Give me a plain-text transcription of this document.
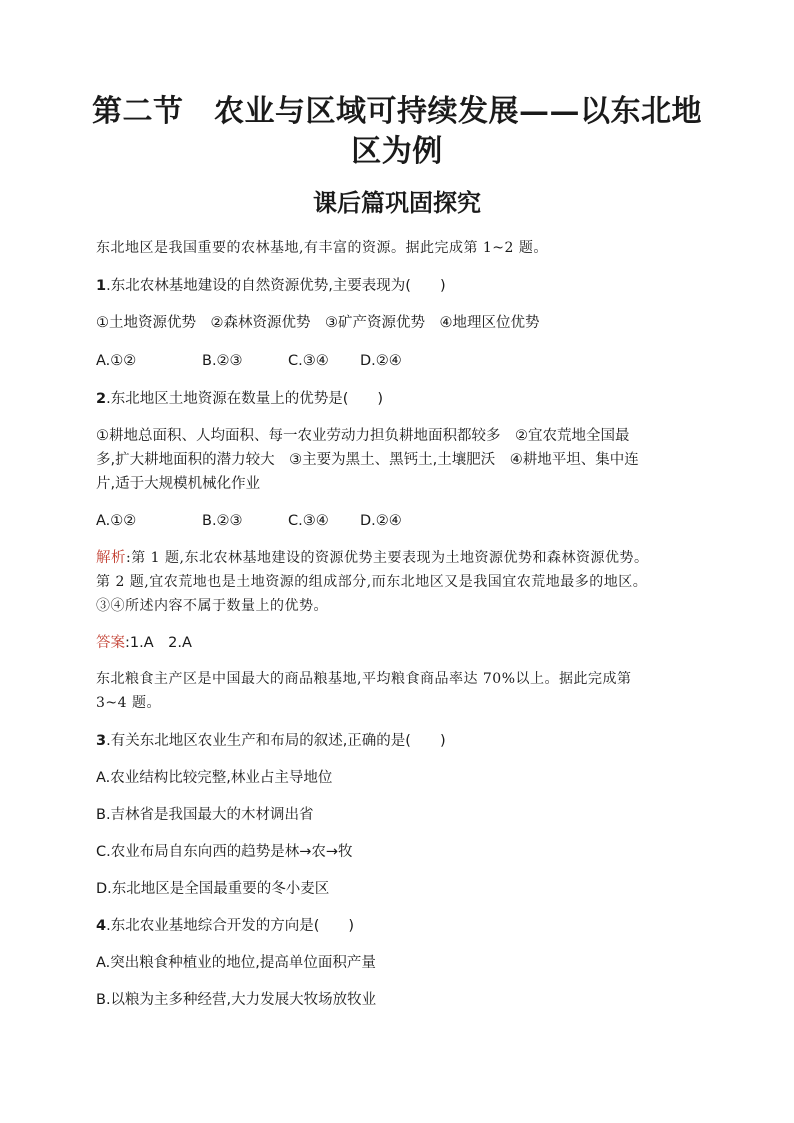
第二节　农业与区域可持续发展——以东北地
区为例
课后篇巩固探究
东北地区是我国重要的农林基地,有丰富的资源。据此完成第 1~2 题。
1.东北农林基地建设的自然资源优势,主要表现为(　　)
①土地资源优势　②森林资源优势　③矿产资源优势　④地理区位优势
A.①②	B.②③	C.③④ D.②④
2.东北地区土地资源在数量上的优势是(　　)
①耕地总面积、人均面积、每一农业劳动力担负耕地面积都较多　②宜农荒地全国最
多,扩大耕地面积的潜力较大　③主要为黑土、黑钙土,土壤肥沃　④耕地平坦、集中连
片,适于大规模机械化作业
A.①②	B.②③	C.③④ D.②④
解析:第 1 题,东北农林基地建设的资源优势主要表现为土地资源优势和森林资源优势。
第 2 题,宜农荒地也是土地资源的组成部分,而东北地区又是我国宜农荒地最多的地区。
③④所述内容不属于数量上的优势。
答案:1.A　2.A
东北粮食主产区是中国最大的商品粮基地,平均粮食商品率达 70%以上。据此完成第
3~4 题。
3.有关东北地区农业生产和布局的叙述,正确的是(　　)
A.农业结构比较完整,林业占主导地位
B.吉林省是我国最大的木材调出省
C.农业布局自东向西的趋势是林→农→牧
D.东北地区是全国最重要的冬小麦区
4.东北农业基地综合开发的方向是(　　)
A.突出粮食种植业的地位,提高单位面积产量
B.以粮为主多种经营,大力发展大牧场放牧业
